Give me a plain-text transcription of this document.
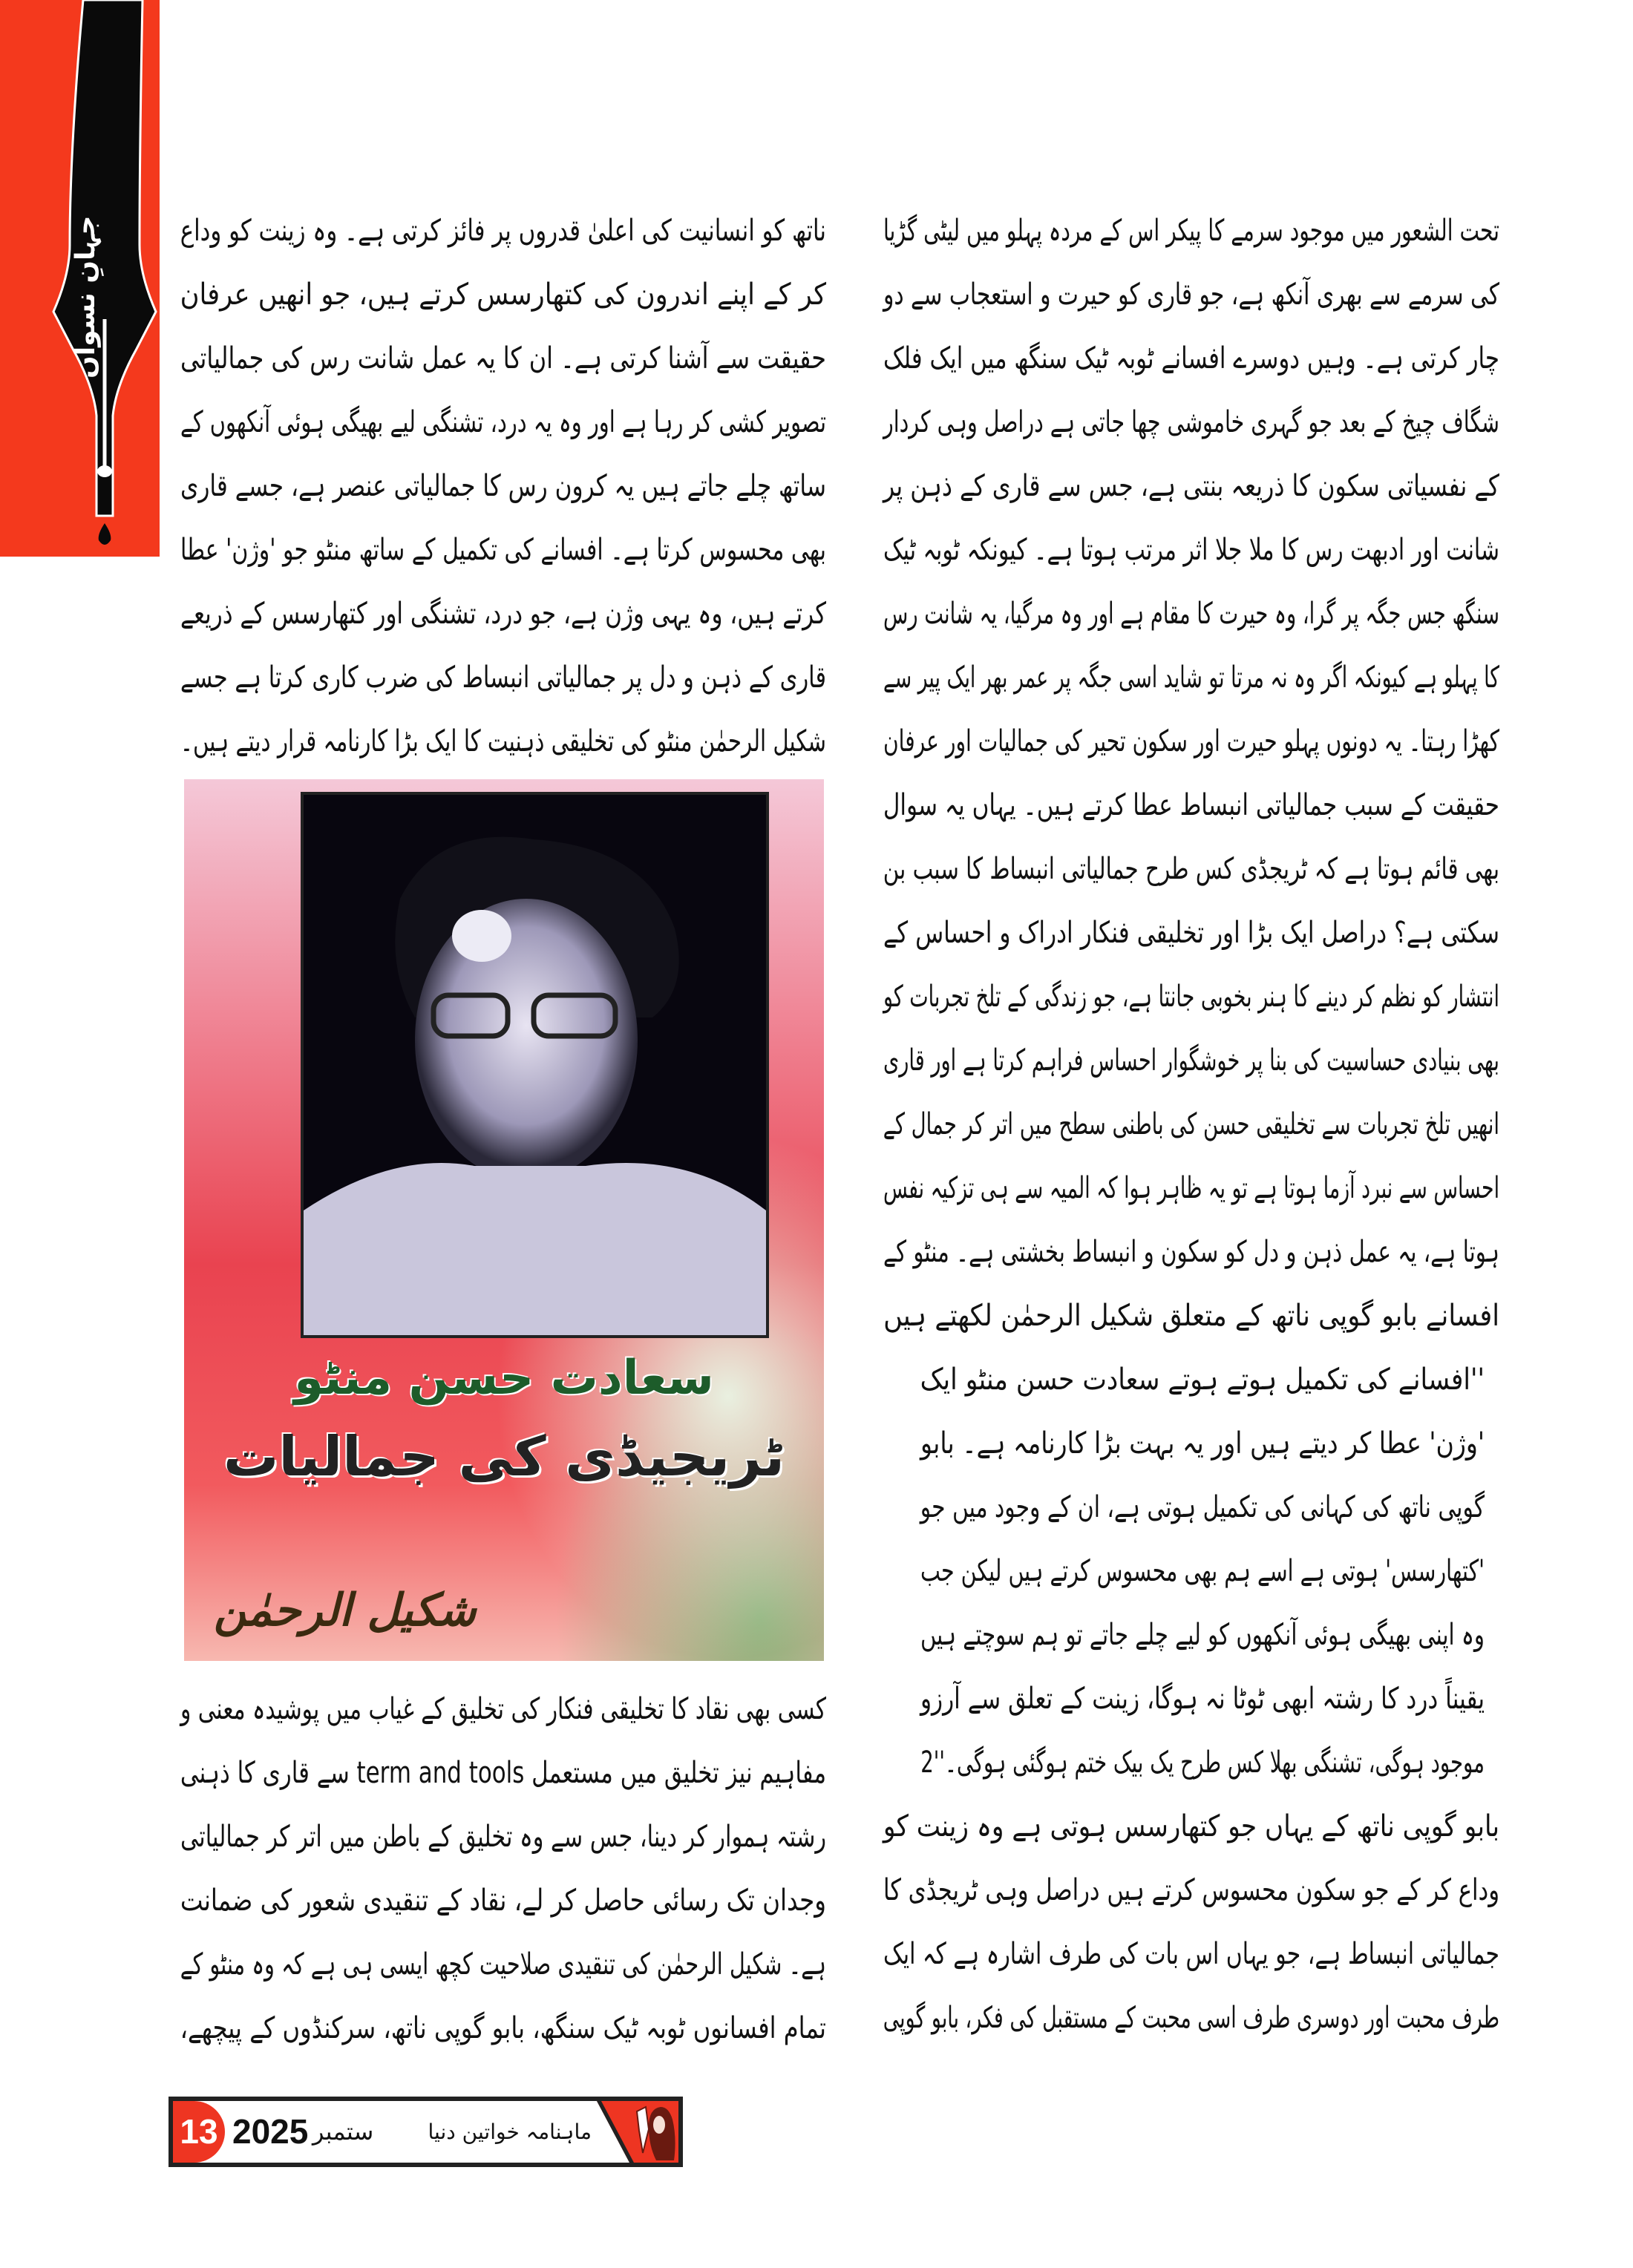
جہانِ نسواں	ناتھ کو انسانیت کی اعلیٰ قدروں پر فائز کرتی ہے۔ وہ زینت کو وداع
کر کے اپنے اندرون کی کتھارسس کرتے ہیں، جو انھیں عرفان
حقیقت سے آشنا کرتی ہے۔ ان کا یہ عمل شانت رس کی جمالیاتی
تصویر کشی کر رہا ہے اور وہ یہ درد، تشنگی لیے بھیگی ہوئی آنکھوں کے
ساتھ چلے جاتے ہیں یہ کرون رس کا جمالیاتی عنصر ہے، جسے قاری
بھی محسوس کرتا ہے۔ افسانے کی تکمیل کے ساتھ منٹو جو 'وژن' عطا
کرتے ہیں، وہ یہی وژن ہے، جو درد، تشنگی اور کتھارسس کے ذریعے
قاری کے ذہن و دل پر جمالیاتی انبساط کی ضرب کاری کرتا ہے جسے
شکیل الرحمٰن منٹو کی تخلیقی ذہنیت کا ایک بڑا کارنامہ قرار دیتے ہیں۔
سعادت حسن منٹو
ٹریجیڈی کی جمالیات
شکیل الرحمٰن
کسی بھی نقاد کا تخلیقی فنکار کی تخلیق کے غیاب میں پوشیدہ معنی و
مفاہیم نیز تخلیق میں مستعمل term and tools سے قاری کا ذہنی
رشتہ ہموار کر دینا، جس سے وہ تخلیق کے باطن میں اتر کر جمالیاتی
وجدان تک رسائی حاصل کر لے، نقاد کے تنقیدی شعور کی ضمانت
ہے۔ شکیل الرحمٰن کی تنقیدی صلاحیت کچھ ایسی ہی ہے کہ وہ منٹو کے
تمام افسانوں ٹوبہ ٹیک سنگھ، بابو گوپی ناتھ، سرکنڈوں کے پیچھے،
تحت الشعور میں موجود سرمے کا پیکر اس کے مردہ پہلو میں لیٹی گڑیا
کی سرمے سے بھری آنکھ ہے، جو قاری کو حیرت و استعجاب سے دو
چار کرتی ہے۔ وہیں دوسرے افسانے ٹوبہ ٹیک سنگھ میں ایک فلک
شگاف چیخ کے بعد جو گہری خاموشی چھا جاتی ہے دراصل وہی کردار
کے نفسیاتی سکون کا ذریعہ بنتی ہے، جس سے قاری کے ذہن پر
شانت اور ادبھت رس کا ملا جلا اثر مرتب ہوتا ہے۔ کیونکہ ٹوبہ ٹیک
سنگھ جس جگہ پر گرا، وہ حیرت کا مقام ہے اور وہ مرگیا، یہ شانت رس
کا پہلو ہے کیونکہ اگر وہ نہ مرتا تو شاید اسی جگہ پر عمر بھر ایک پیر سے
کھڑا رہتا۔ یہ دونوں پہلو حیرت اور سکون تحیر کی جمالیات اور عرفان
حقیقت کے سبب جمالیاتی انبساط عطا کرتے ہیں۔ یہاں یہ سوال
بھی قائم ہوتا ہے کہ ٹریجڈی کس طرح جمالیاتی انبساط کا سبب بن
سکتی ہے؟ دراصل ایک بڑا اور تخلیقی فنکار ادراک و احساس کے
انتشار کو نظم کر دینے کا ہنر بخوبی جانتا ہے، جو زندگی کے تلخ تجربات کو
بھی بنیادی حساسیت کی بنا پر خوشگوار احساس فراہم کرتا ہے اور قاری
انھیں تلخ تجربات سے تخلیقی حسن کی باطنی سطح میں اتر کر جمال کے
احساس سے نبرد آزما ہوتا ہے تو یہ ظاہر ہوا کہ المیہ سے ہی تزکیہ نفس
ہوتا ہے، یہ عمل ذہن و دل کو سکون و انبساط بخشتی ہے۔ منٹو کے
افسانے بابو گوپی ناتھ کے متعلق شکیل الرحمٰن لکھتے ہیں
''افسانے کی تکمیل ہوتے ہوتے سعادت حسن منٹو ایک
'وژن' عطا کر دیتے ہیں اور یہ بہت بڑا کارنامہ ہے۔ بابو
گوپی ناتھ کی کہانی کی تکمیل ہوتی ہے، ان کے وجود میں جو
'کتھارسس' ہوتی ہے اسے ہم بھی محسوس کرتے ہیں لیکن جب
وہ اپنی بھیگی ہوئی آنکھوں کو لیے چلے جاتے تو ہم سوچتے ہیں
یقیناً درد کا رشتہ ابھی ٹوٹا نہ ہوگا، زینت کے تعلق سے آرزو
موجود ہوگی، تشنگی بھلا کس طرح یک بیک ختم ہوگئی ہوگی۔''2
بابو گوپی ناتھ کے یہاں جو کتھارسس ہوتی ہے وہ زینت کو
وداع کر کے جو سکون محسوس کرتے ہیں دراصل وہی ٹریجڈی کا
جمالیاتی انبساط ہے، جو یہاں اس بات کی طرف اشارہ ہے کہ ایک
طرف محبت اور دوسری طرف اسی محبت کے مستقبل کی فکر، بابو گوپی
13 2025 ستمبر	ماہنامہ خواتین دنیا
